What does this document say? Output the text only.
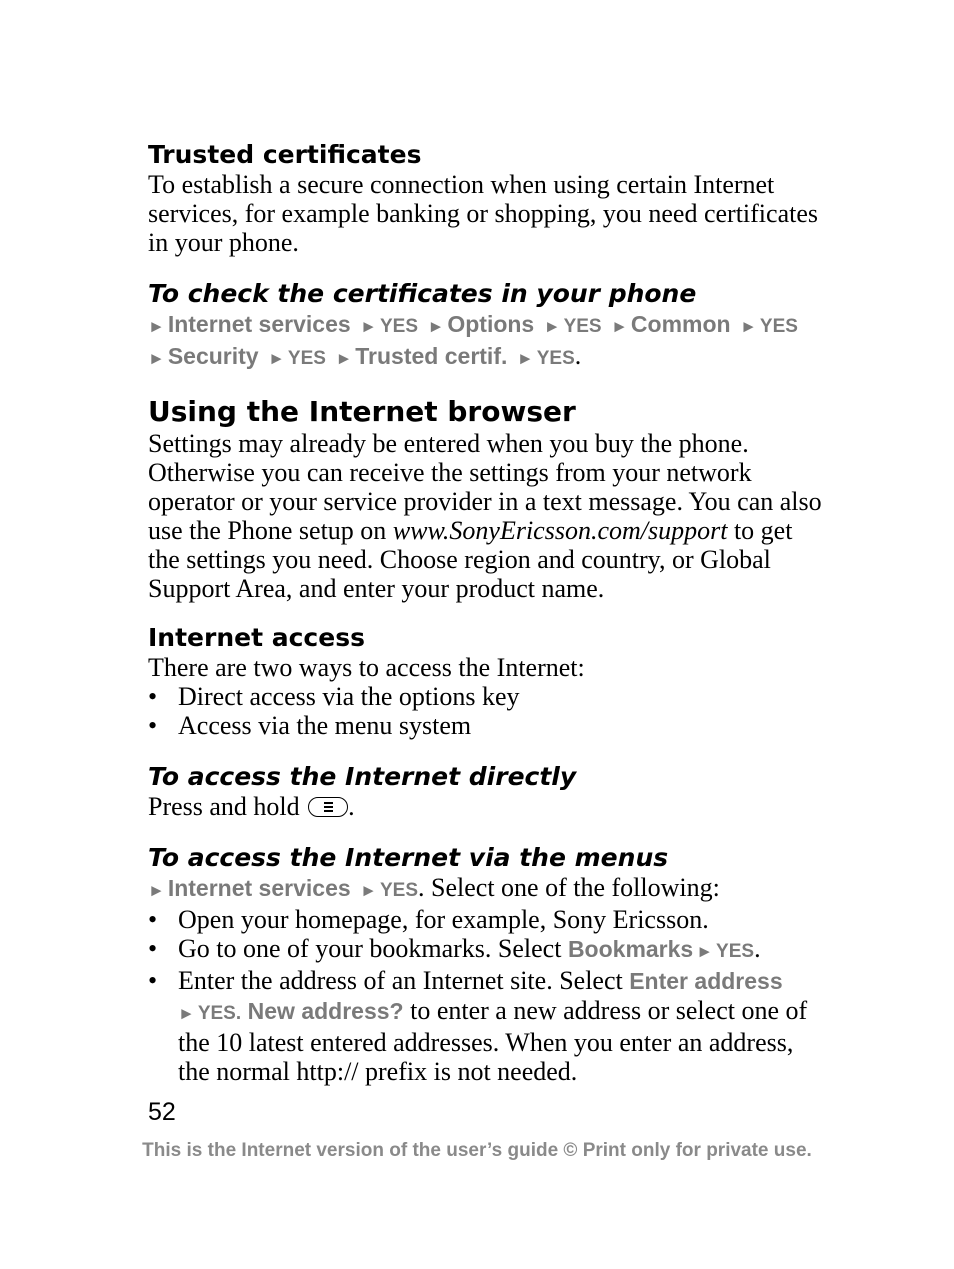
Trusted certificates

To establish a secure connection when using certain Internet services, for example banking or shopping, you need certificates in your phone.

To check the certificates in your phone

► Internet services ► YES ► Options ► YES ► Common ► YES

► Security ► YES ► Trusted certif. ► YES.

Using the Internet browser

Settings may already be entered when you buy the phone. Otherwise you can receive the settings from your network operator or your service provider in a text message. You can also use the Phone setup on www.SonyEricsson.com/support to get the settings you need. Choose region and country, or Global Support Area, and enter your product name.

Internet access

There are two ways to access the Internet:

• Direct access via the options key
• Access via the menu system

To access the Internet directly

Press and hold
.

To access the Internet via the menus

► Internet services ► YES. Select one of the following:

• Open your homepage, for example, Sony Ericsson.
• Go to one of your bookmarks. Select Bookmarks ► YES.
• Enter the address of an Internet site. Select Enter address
► YES. New address? to enter a new address or select one of the 10 latest entered addresses. When you enter an address, the normal http:// prefix is not needed.
52
This is the Internet version of the user’s guide © Print only for private use.
